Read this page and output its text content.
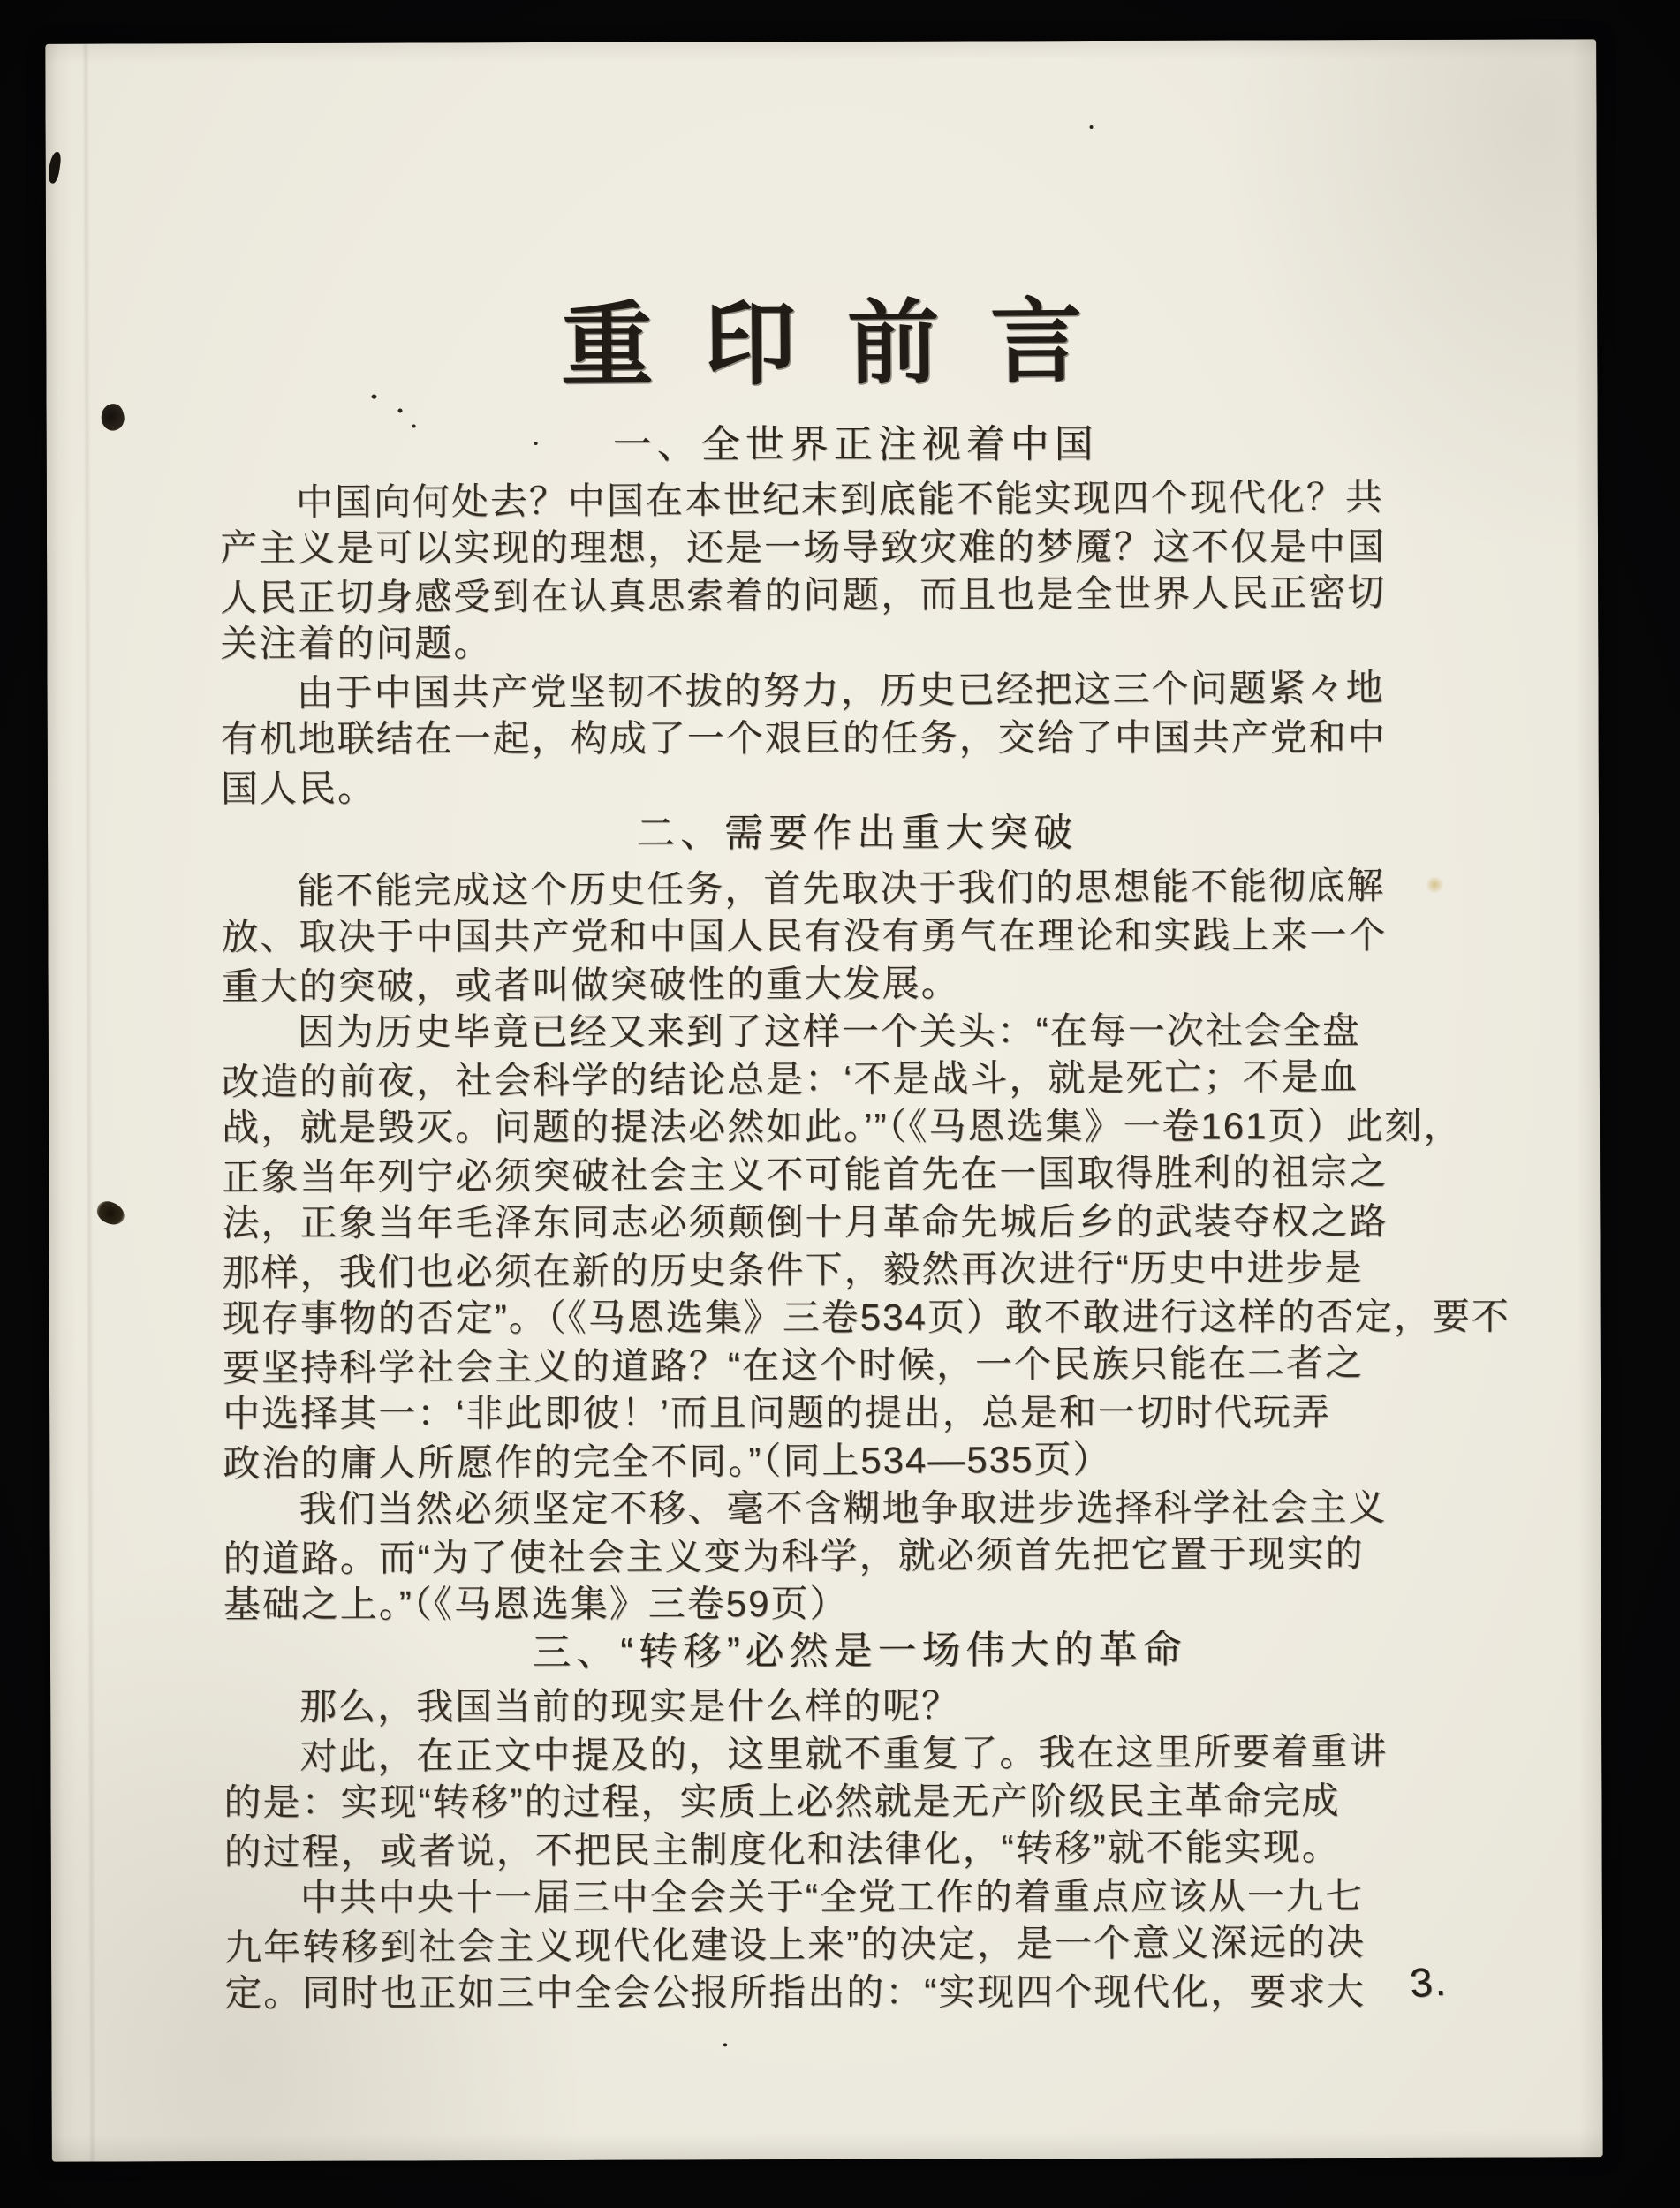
重印前言
一、全世界正注视着中国
中国向何处去？中国在本世纪末到底能不能实现四个现代化？共
产主义是可以实现的理想，还是一场导致灾难的梦魇？这不仅是中国
人民正切身感受到在认真思索着的问题，而且也是全世界人民正密切
关注着的问题。
由于中国共产党坚韧不拔的努力，历史已经把这三个问题紧々地
有机地联结在一起，构成了一个艰巨的任务，交给了中国共产党和中
国人民。
二、需要作出重大突破
能不能完成这个历史任务，首先取决于我们的思想能不能彻底解
放、取决于中国共产党和中国人民有没有勇气在理论和实践上来一个
重大的突破，或者叫做突破性的重大发展。
因为历史毕竟已经又来到了这样一个关头：“在每一次社会全盘
改造的前夜，社会科学的结论总是：‘不是战斗，就是死亡；不是血
战，就是毁灭。问题的提法必然如此。’”（《马恩选集》一卷161页）此刻，
正象当年列宁必须突破社会主义不可能首先在一国取得胜利的祖宗之
法，正象当年毛泽东同志必须颠倒十月革命先城后乡的武装夺权之路
那样，我们也必须在新的历史条件下，毅然再次进行“历史中进步是
现存事物的否定”。（《马恩选集》三卷534页）敢不敢进行这样的否定，要不
要坚持科学社会主义的道路？“在这个时候，一个民族只能在二者之
中选择其一：‘非此即彼！’而且问题的提出，总是和一切时代玩弄
政治的庸人所愿作的完全不同。”（同上534—535页）
我们当然必须坚定不移、毫不含糊地争取进步选择科学社会主义
的道路。而“为了使社会主义变为科学，就必须首先把它置于现实的
基础之上。”（《马恩选集》三卷59页）
三、“转移”必然是一场伟大的革命
那么，我国当前的现实是什么样的呢？
对此，在正文中提及的，这里就不重复了。我在这里所要着重讲
的是：实现“转移”的过程，实质上必然就是无产阶级民主革命完成
的过程，或者说，不把民主制度化和法律化，“转移”就不能实现。
中共中央十一届三中全会关于“全党工作的着重点应该从一九七
九年转移到社会主义现代化建设上来”的决定，是一个意义深远的决
定。同时也正如三中全会公报所指出的：“实现四个现代化，要求大	3.
